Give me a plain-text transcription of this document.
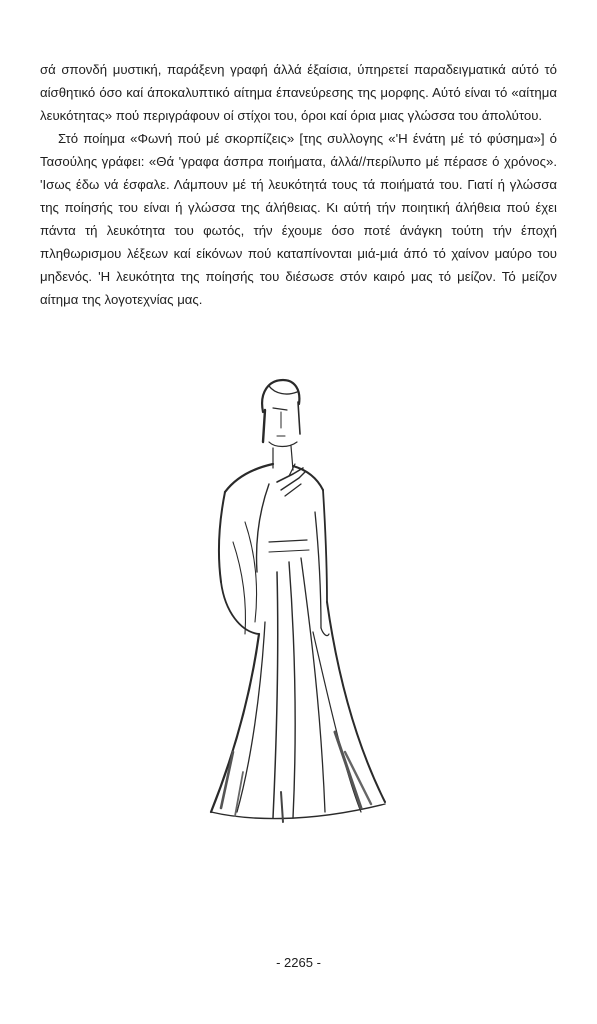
σά σπονδή μυστική, παράξενη γραφή άλλά έξαίσια, ύπηρετεί παραδειγματικά αύτό τό αίσθητικό όσο καί άποκαλυπτικό αίτημα έπανεύρεσης της μορφης. Αύτό είναι τό «αίτημα λευκότητας» πού περιγράφουν οί στίχοι του, όροι καί όρια μιας γλώσσα του άπολύτου.

Στό ποίημα «Φωνή πού μέ σκορπίζεις» [της συλλογης «'Η ένάτη μέ τό φύσημα»] ό Τασούλης γράφει: «Θά 'γραφα άσπρα ποιήματα, άλλά//περίλυπο μέ πέρασε ό χρόνος». 'Ισως έδω νά έσφαλε. Λάμπουν μέ τή λευκότητά τους τά ποιήματά του. Γιατί ή γλώσσα της ποίησής του είναι ή γλώσσα της άλήθειας. Κι αύτή τήν ποιητική άλήθεια πού έχει πάντα τή λευκότητα του φωτός, τήν έχουμε όσο ποτέ άνάγκη τούτη τήν έποχή πληθωρισμου λέξεων καί είκόνων πού καταπίνονται μιά-μιά άπό τό χαίνον μαύρο του μηδενός. 'Η λευκότητα της ποίησής του διέσωσε στόν καιρό μας τό μείζον. Τό μείζον αίτημα της λογοτεχνίας μας.

- 2265 -
